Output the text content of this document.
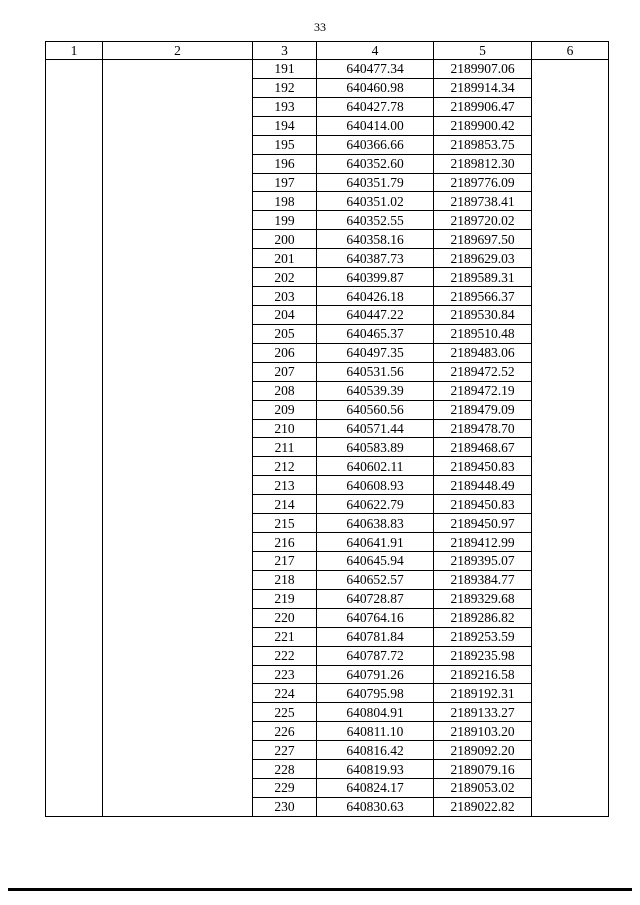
33
1	2	3	4	5	6
		191	640477.34	2189907.06	
		192	640460.98	2189914.34	
		193	640427.78	2189906.47	
		194	640414.00	2189900.42	
		195	640366.66	2189853.75	
		196	640352.60	2189812.30	
		197	640351.79	2189776.09	
		198	640351.02	2189738.41	
		199	640352.55	2189720.02	
		200	640358.16	2189697.50	
		201	640387.73	2189629.03	
		202	640399.87	2189589.31	
		203	640426.18	2189566.37	
		204	640447.22	2189530.84	
		205	640465.37	2189510.48	
		206	640497.35	2189483.06	
		207	640531.56	2189472.52	
		208	640539.39	2189472.19	
		209	640560.56	2189479.09	
		210	640571.44	2189478.70	
		211	640583.89	2189468.67	
		212	640602.11	2189450.83	
		213	640608.93	2189448.49	
		214	640622.79	2189450.83	
		215	640638.83	2189450.97	
		216	640641.91	2189412.99	
		217	640645.94	2189395.07	
		218	640652.57	2189384.77	
		219	640728.87	2189329.68	
		220	640764.16	2189286.82	
		221	640781.84	2189253.59	
		222	640787.72	2189235.98	
		223	640791.26	2189216.58	
		224	640795.98	2189192.31	
		225	640804.91	2189133.27	
		226	640811.10	2189103.20	
		227	640816.42	2189092.20	
		228	640819.93	2189079.16	
		229	640824.17	2189053.02	
		230	640830.63	2189022.82	
